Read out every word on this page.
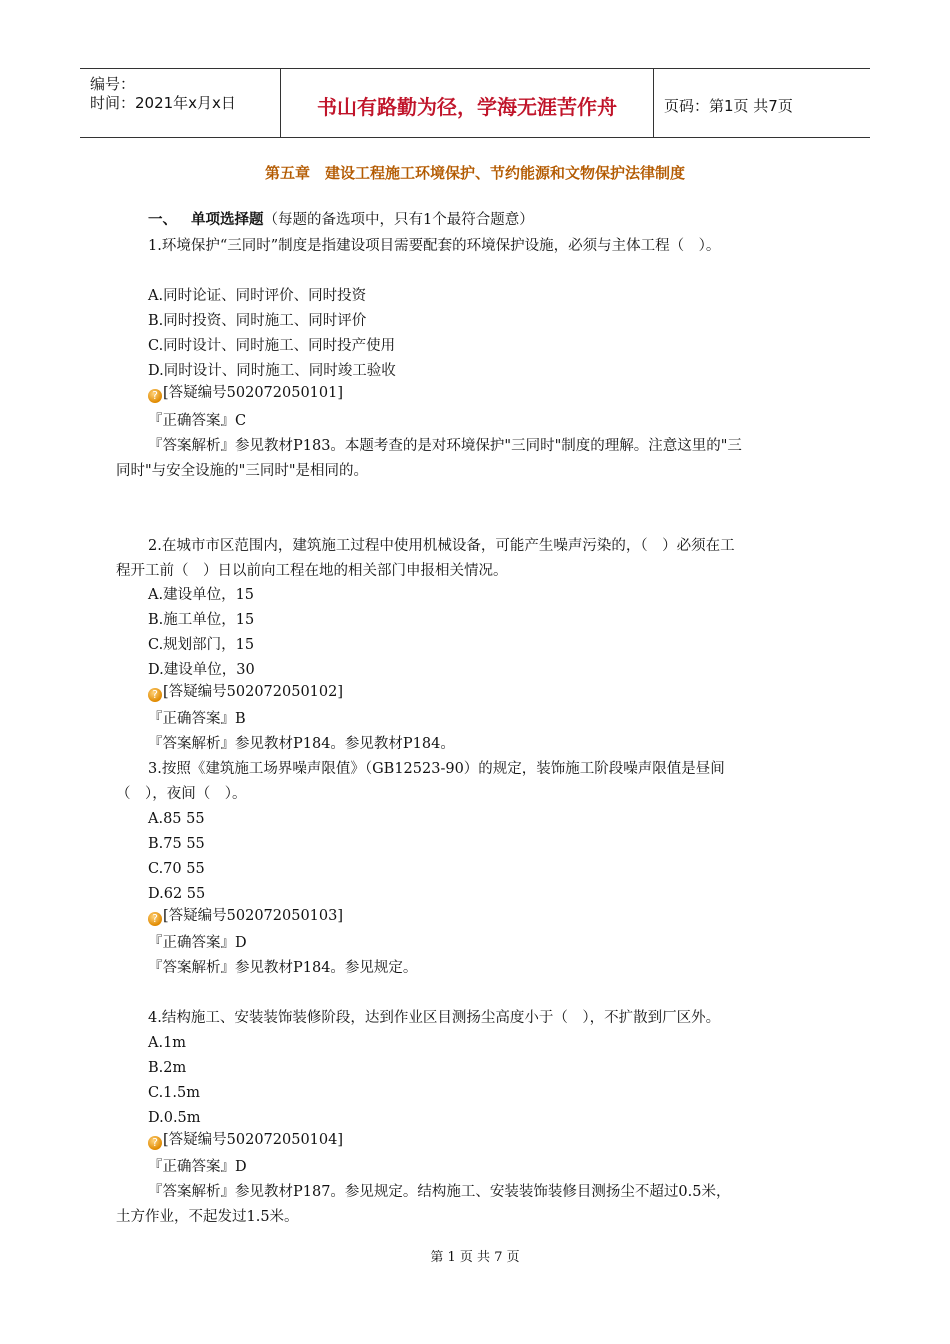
编号：
时间：2021年x月x日	书山有路勤为径，学海无涯苦作舟	页码：第1页 共7页
第五章　建设工程施工环境保护、节约能源和文物保护法律制度
一、 单项选择题（每题的备选项中，只有1个最符合题意）
1.环境保护“三同时”制度是指建设项目需要配套的环境保护设施，必须与主体工程（　）。
A.同时论证、同时评价、同时投资
B.同时投资、同时施工、同时评价
C.同时设计、同时施工、同时投产使用
D.同时设计、同时施工、同时竣工验收
? [答疑编号502072050101]
『正确答案』C
『答案解析』参见教材P183。本题考查的是对环境保护"三同时"制度的理解。注意这里的"三
同时"与安全设施的"三同时"是相同的。
2.在城市市区范围内，建筑施工过程中使用机械设备，可能产生噪声污染的，（　）必须在工
程开工前（　）日以前向工程在地的相关部门申报相关情况。
A.建设单位，15
B.施工单位，15
C.规划部门，15
D.建设单位，30
? [答疑编号502072050102]
『正确答案』B
『答案解析』参见教材P184。参见教材P184。
3.按照《建筑施工场界噪声限值》（GB12523-90）的规定，装饰施工阶段噪声限值是昼间
（　），夜间（　）。
A.85 55
B.75 55
C.70 55
D.62 55
? [答疑编号502072050103]
『正确答案』D
『答案解析』参见教材P184。参见规定。
4.结构施工、安装装饰装修阶段，达到作业区目测扬尘高度小于（　），不扩散到厂区外。
A.1m
B.2m
C.1.5m
D.0.5m
? [答疑编号502072050104]
『正确答案』D
『答案解析』参见教材P187。参见规定。结构施工、安装装饰装修目测扬尘不超过0.5米，
土方作业，不起发过1.5米。
第 1 页 共 7 页
